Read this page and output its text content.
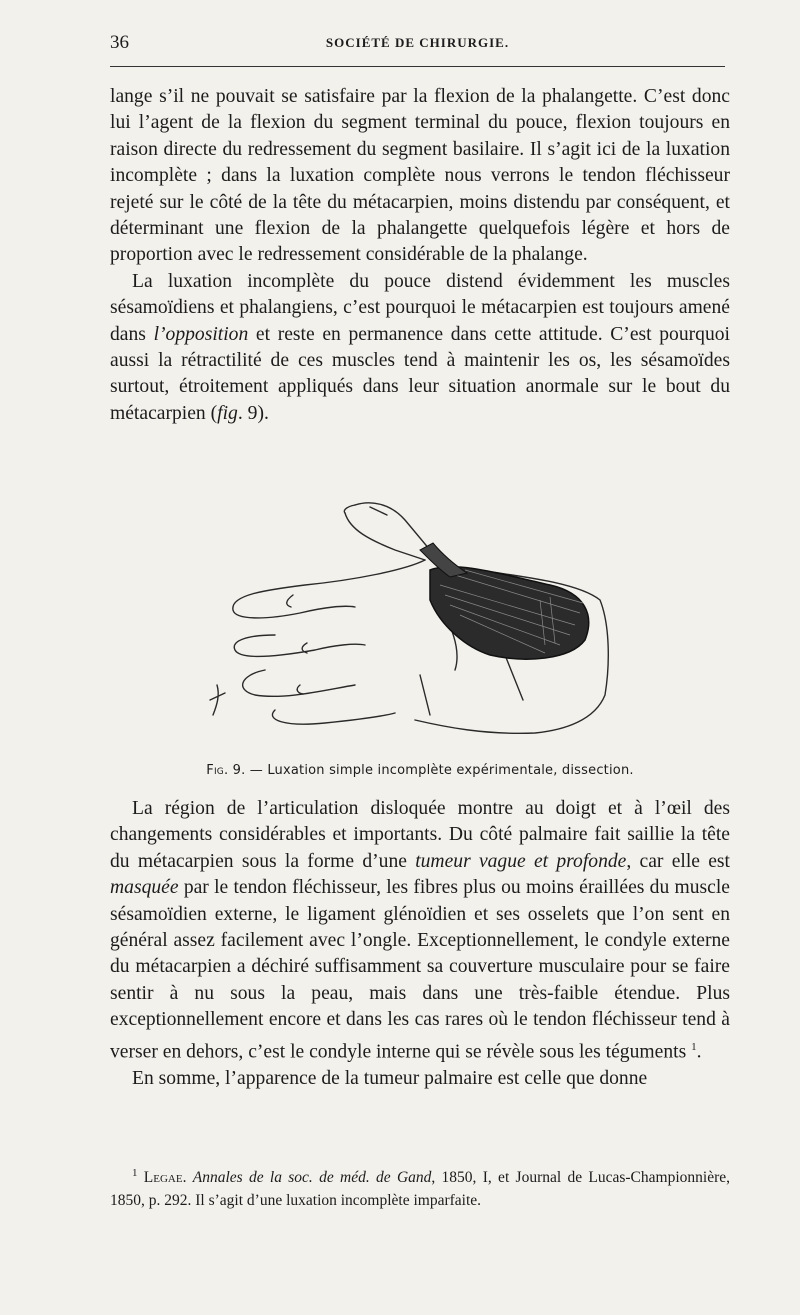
36	SOCIÉTÉ DE CHIRURGIE.

lange s’il ne pouvait se satisfaire par la flexion de la phalangette. C’est donc lui l’agent de la flexion du segment terminal du pouce, flexion toujours en raison directe du redressement du segment basilaire. Il s’agit ici de la luxation incomplète ; dans la luxation complète nous verrons le tendon fléchisseur rejeté sur le côté de la tête du métacarpien, moins distendu par conséquent, et déterminant une flexion de la phalangette quelquefois légère et hors de proportion avec le redressement considérable de la phalange.

La luxation incomplète du pouce distend évidemment les muscles sésamoïdiens et phalangiens, c’est pourquoi le métacarpien est toujours amené dans l’opposition et reste en permanence dans cette attitude. C’est pourquoi aussi la rétractilité de ces muscles tend à maintenir les os, les sésamoïdes surtout, étroitement appliqués dans leur situation anormale sur le bout du métacarpien (fig. 9).

Fig. 9. — Luxation simple incomplète expérimentale, dissection.

La région de l’articulation disloquée montre au doigt et à l’œil des changements considérables et importants. Du côté palmaire fait saillie la tête du métacarpien sous la forme d’une tumeur vague et profonde, car elle est masquée par le tendon fléchisseur, les fibres plus ou moins éraillées du muscle sésamoïdien externe, le ligament glénoïdien et ses osselets que l’on sent en général assez facilement avec l’ongle. Exceptionnellement, le condyle externe du métacarpien a déchiré suffisamment sa couverture musculaire pour se faire sentir à nu sous la peau, mais dans une très-faible étendue. Plus exceptionnellement encore et dans les cas rares où le tendon fléchisseur tend à verser en dehors, c’est le condyle interne qui se révèle sous les téguments $^1$.

En somme, l’apparence de la tumeur palmaire est celle que donne

$^1$ Legae. Annales de la soc. de méd. de Gand, 1850, I, et Journal de Lucas-Championnière, 1850, p. 292. Il s’agit d’une luxation incomplète imparfaite.
